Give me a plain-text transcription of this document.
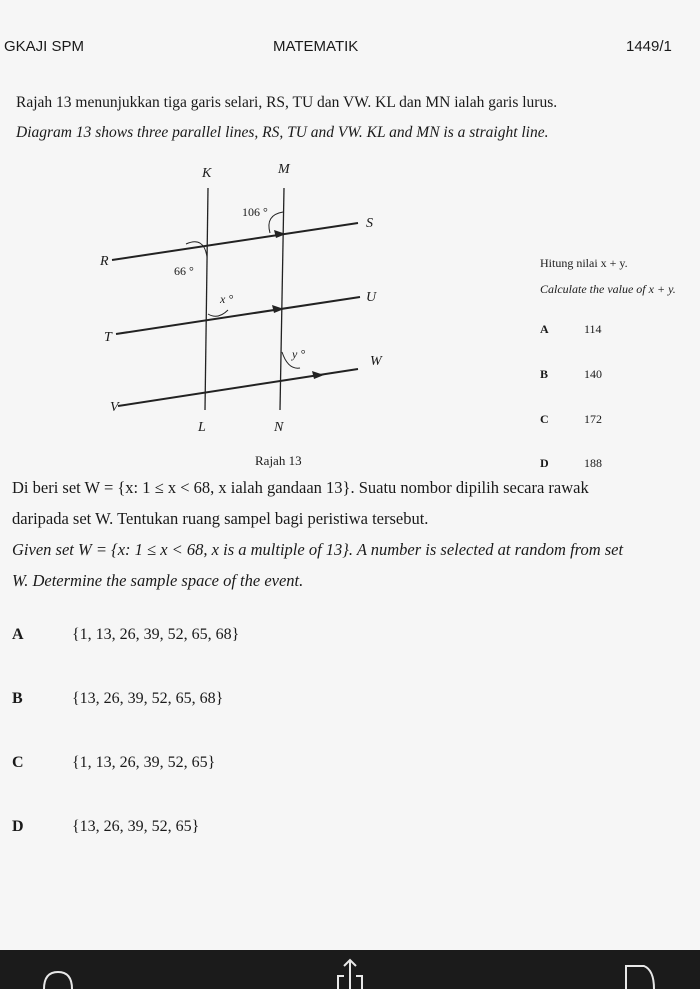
GKAJI SPM	MATEMATIK	1449/1
Rajah 13 menunjukkan tiga garis selari, RS, TU dan VW. KL dan MN ialah garis lurus.
Diagram 13 shows three parallel lines, RS, TU and VW. KL and MN is a straight line.
K	M
S
R
U
T
W
V
L	N
106 °
66 °
x °
y °
Rajah 13
Hitung nilai x + y.
Calculate the value of x + y.
A	114
B	140
C	172
D	188
Di beri set W = {x: 1 ≤ x < 68, x ialah gandaan 13}. Suatu nombor dipilih secara rawak
daripada set W. Tentukan ruang sampel bagi peristiwa tersebut.
Given set W = {x: 1 ≤ x < 68, x is a multiple of 13}. A number is selected at random from set
W. Determine the sample space of the event.
A	{1, 13, 26, 39, 52, 65, 68}
B	{13, 26, 39, 52, 65, 68}
C	{1, 13, 26, 39, 52, 65}
D	{13, 26, 39, 52, 65}
